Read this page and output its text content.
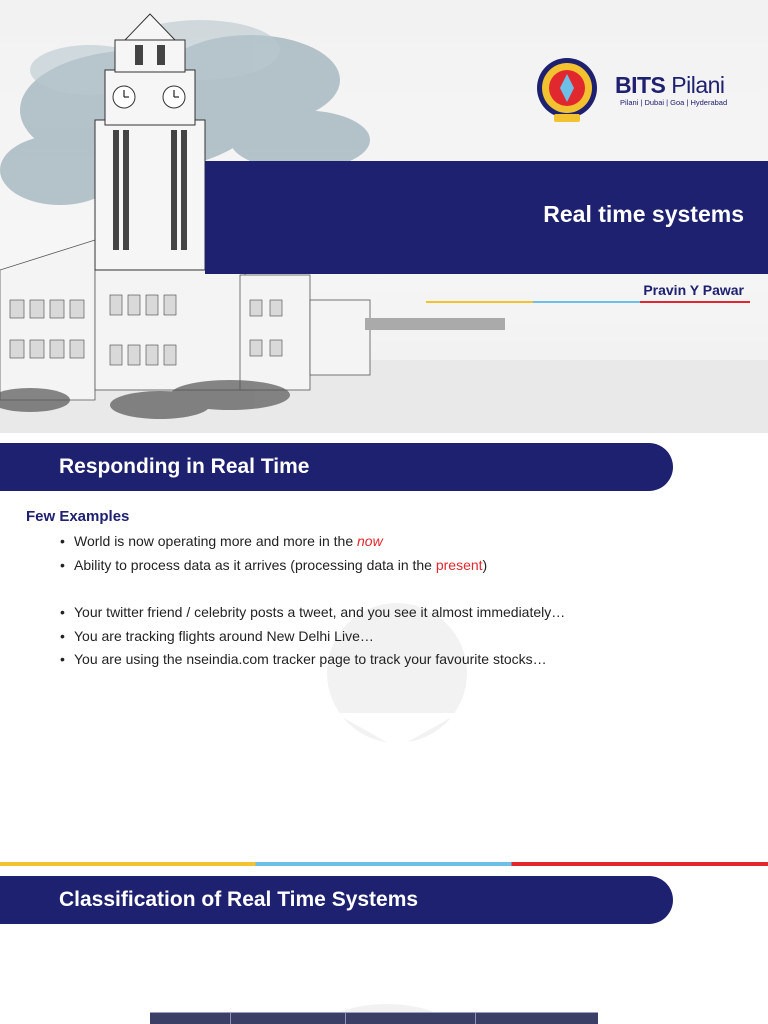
BITS Pilani
Pilani | Dubai | Goa | Hyderabad
Real time systems
Pravin Y Pawar
Responding in Real Time
Few Examples
World is now operating more and more in the now
Ability to process data as it arrives (processing data in the present)
Your twitter friend / celebrity posts a tweet, and you see it almost immediately…
You are tracking flights around New Delhi Live…
You are using the nseindia.com tracker page to track your favourite stocks…
Classification of Real Time Systems
